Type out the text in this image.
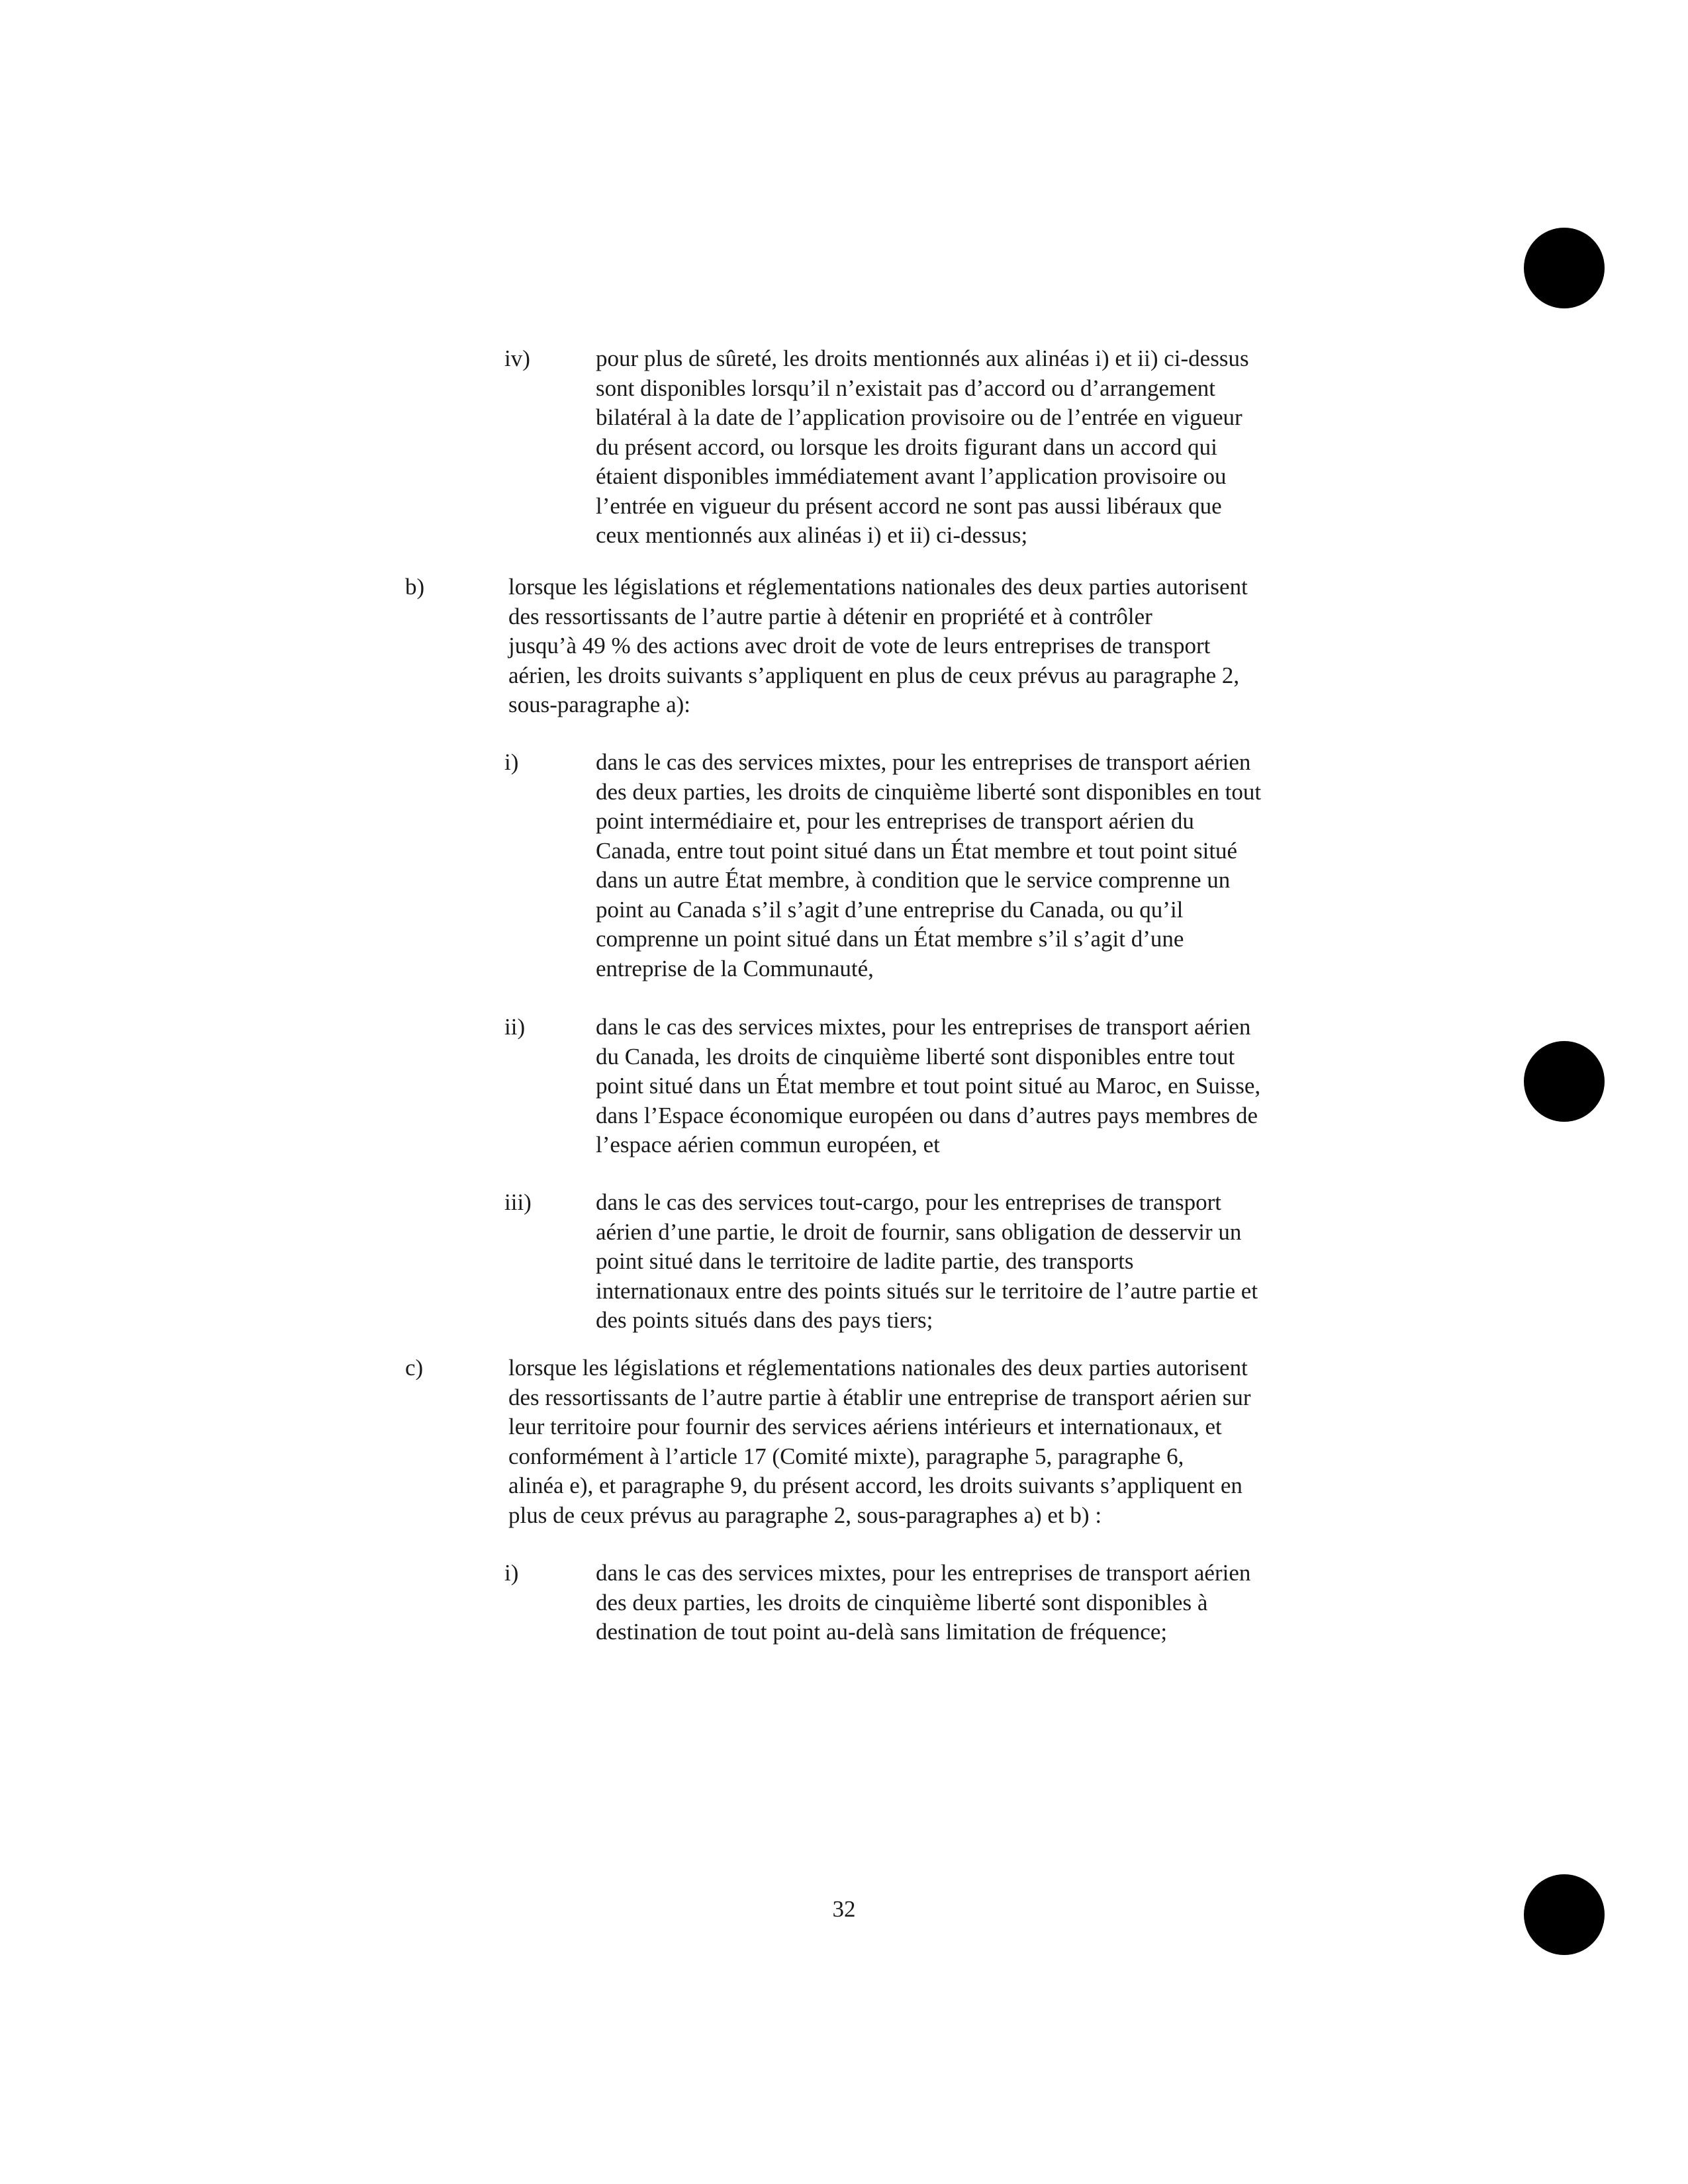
iv)	pour plus de sûreté, les droits mentionnés aux alinéas i) et ii) ci-dessus
sont disponibles lorsqu’il n’existait pas d’accord ou d’arrangement
bilatéral à la date de l’application provisoire ou de l’entrée en vigueur
du présent accord, ou lorsque les droits figurant dans un accord qui
étaient disponibles immédiatement avant l’application provisoire ou
l’entrée en vigueur du présent accord ne sont pas aussi libéraux que
ceux mentionnés aux alinéas i) et ii) ci-dessus;
b)	lorsque les législations et réglementations nationales des deux parties autorisent
des ressortissants de l’autre partie à détenir en propriété et à contrôler
jusqu’à 49 % des actions avec droit de vote de leurs entreprises de transport
aérien, les droits suivants s’appliquent en plus de ceux prévus au paragraphe 2,
sous-paragraphe a):
i)	dans le cas des services mixtes, pour les entreprises de transport aérien
des deux parties, les droits de cinquième liberté sont disponibles en tout
point intermédiaire et, pour les entreprises de transport aérien du
Canada, entre tout point situé dans un État membre et tout point situé
dans un autre État membre, à condition que le service comprenne un
point au Canada s’il s’agit d’une entreprise du Canada, ou qu’il
comprenne un point situé dans un État membre s’il s’agit d’une
entreprise de la Communauté,
ii)	dans le cas des services mixtes, pour les entreprises de transport aérien
du Canada, les droits de cinquième liberté sont disponibles entre tout
point situé dans un État membre et tout point situé au Maroc, en Suisse,
dans l’Espace économique européen ou dans d’autres pays membres de
l’espace aérien commun européen, et
iii)	dans le cas des services tout-cargo, pour les entreprises de transport
aérien d’une partie, le droit de fournir, sans obligation de desservir un
point situé dans le territoire de ladite partie, des transports
internationaux entre des points situés sur le territoire de l’autre partie et
des points situés dans des pays tiers;
c)	lorsque les législations et réglementations nationales des deux parties autorisent
des ressortissants de l’autre partie à établir une entreprise de transport aérien sur
leur territoire pour fournir des services aériens intérieurs et internationaux, et
conformément à l’article 17 (Comité mixte), paragraphe 5, paragraphe 6,
alinéa e), et paragraphe 9, du présent accord, les droits suivants s’appliquent en
plus de ceux prévus au paragraphe 2, sous-paragraphes a) et b) :
i)	dans le cas des services mixtes, pour les entreprises de transport aérien
des deux parties, les droits de cinquième liberté sont disponibles à
destination de tout point au-delà sans limitation de fréquence;
32
